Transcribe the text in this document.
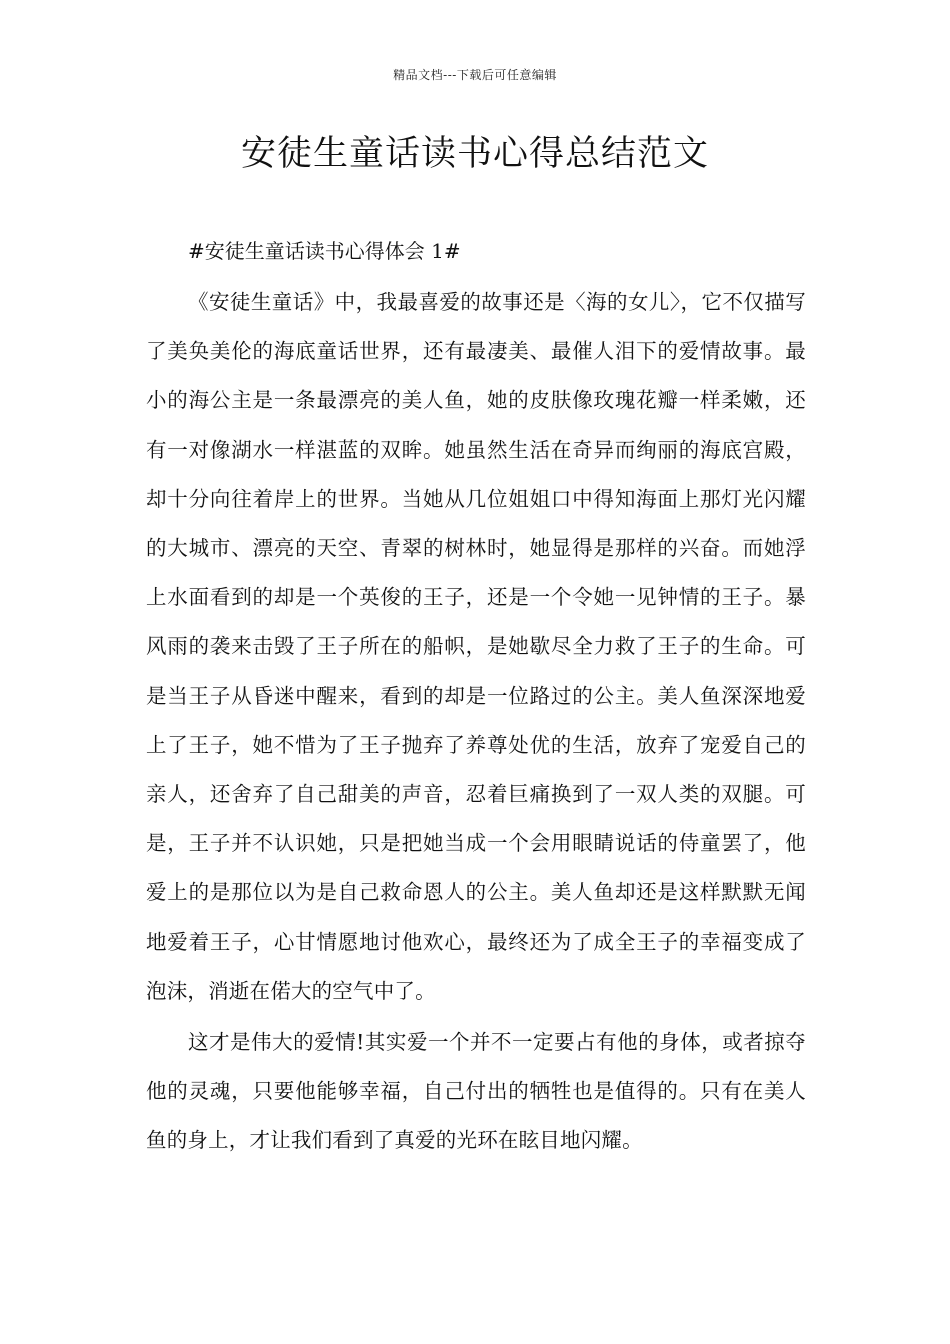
精品文档---下载后可任意编辑
安徒生童话读书心得总结范文

#安徒生童话读书心得体会 1#

《安徒生童话》中，我最喜爱的故事还是〈海的女儿〉，它不仅描写了美奂美伦的海底童话世界，还有最凄美、最催人泪下的爱情故事。最小的海公主是一条最漂亮的美人鱼，她的皮肤像玫瑰花瓣一样柔嫩，还有一对像湖水一样湛蓝的双眸。她虽然生活在奇异而绚丽的海底宫殿，却十分向往着岸上的世界。当她从几位姐姐口中得知海面上那灯光闪耀的大城市、漂亮的天空、青翠的树林时，她显得是那样的兴奋。而她浮上水面看到的却是一个英俊的王子，还是一个令她一见钟情的王子。暴风雨的袭来击毁了王子所在的船帜，是她歇尽全力救了王子的生命。可是当王子从昏迷中醒来，看到的却是一位路过的公主。美人鱼深深地爱上了王子，她不惜为了王子抛弃了养尊处优的生活，放弃了宠爱自己的亲人，还舍弃了自己甜美的声音，忍着巨痛换到了一双人类的双腿。可是，王子并不认识她，只是把她当成一个会用眼睛说话的侍童罢了，他爱上的是那位以为是自己救命恩人的公主。美人鱼却还是这样默默无闻地爱着王子，心甘情愿地讨他欢心，最终还为了成全王子的幸福变成了泡沫，消逝在偌大的空气中了。

这才是伟大的爱情!其实爱一个并不一定要占有他的身体，或者掠夺他的灵魂，只要他能够幸福，自己付出的牺牲也是值得的。只有在美人鱼的身上，才让我们看到了真爱的光环在眩目地闪耀。
